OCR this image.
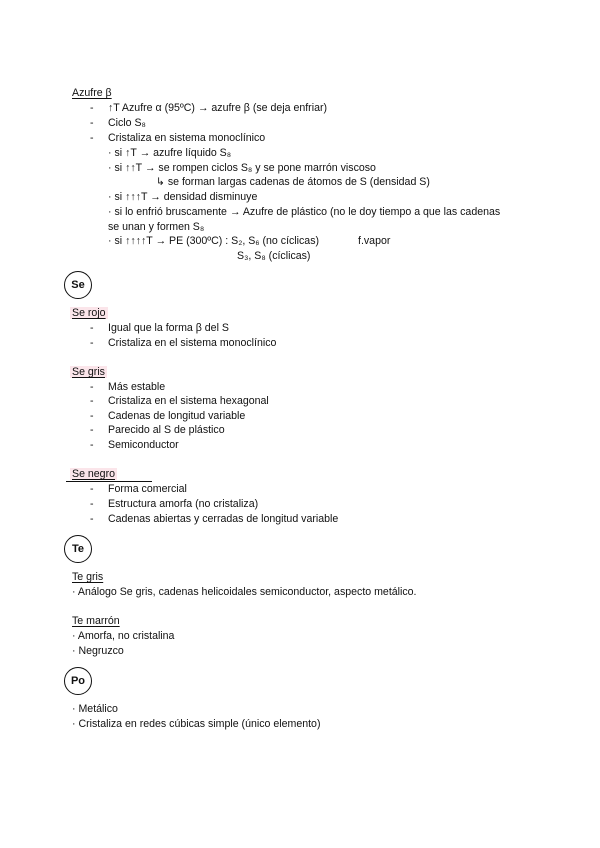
Azufre β
- ↑T Azufre α (95ºC) → azufre β (se deja enfriar)
- Ciclo S₈
- Cristaliza en sistema monoclínico
· si ↑T → azufre líquido S₈
· si ↑↑T → se rompen ciclos S₈ y se pone marrón viscoso
↳ se forman largas cadenas de átomos de S (densidad S)
· si ↑↑↑T → densidad disminuye
· si lo enfrió bruscamente → Azufre de plástico (no le doy tiempo a que las cadenas
se unan y formen S₈
· si ↑↑↑↑T → PE (300ºC) : S₂, S₆ (no cíclicas)	f.vapor
S₃, S₈ (cíclicas)
Se
Se rojo
- Igual que la forma β del S
- Cristaliza en el sistema monoclínico
Se gris
- Más estable
- Cristaliza en el sistema hexagonal
- Cadenas de longitud variable
- Parecido al S de plástico
- Semiconductor
Se negro
- Forma comercial
- Estructura amorfa (no cristaliza)
- Cadenas abiertas y cerradas de longitud variable
Te
Te gris
· Análogo Se gris, cadenas helicoidales semiconductor, aspecto metálico.
Te marrón
· Amorfa, no cristalina
· Negruzco
Po
· Metálico
· Cristaliza en redes cúbicas simple (único elemento)
